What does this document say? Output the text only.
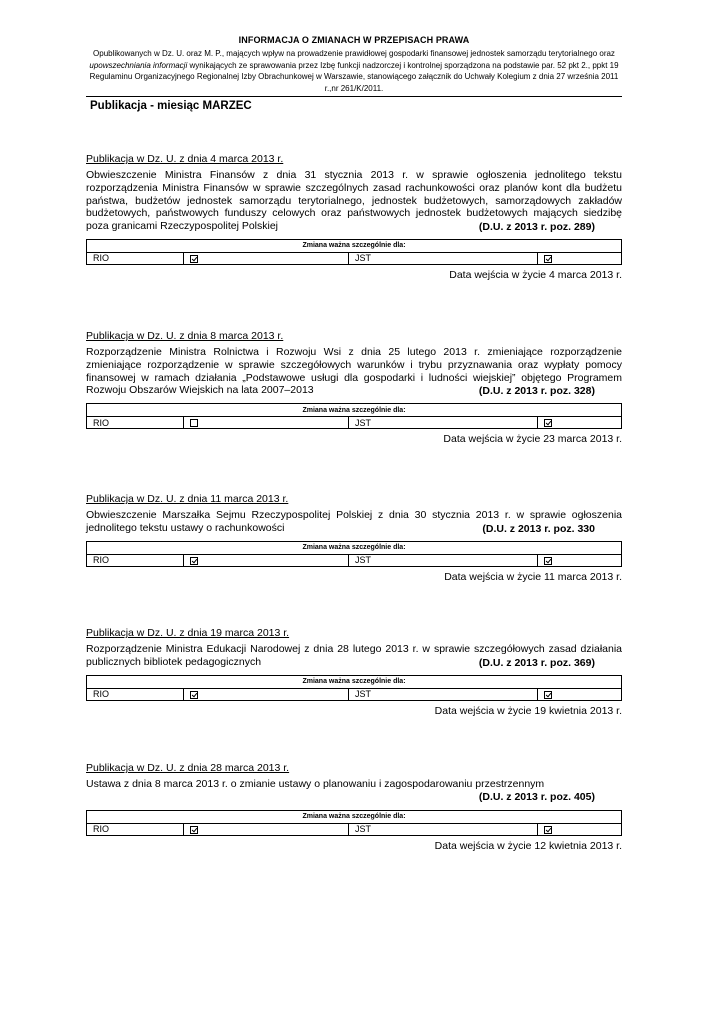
INFORMACJA O ZMIANACH W PRZEPISACH PRAWA
Opublikowanych w Dz. U. oraz M. P., mających wpływ na prowadzenie prawidłowej gospodarki finansowej jednostek samorządu terytorialnego oraz upowszechniania informacji wynikających ze sprawowania przez Izbę funkcji nadzorczej i kontrolnej sporządzona na podstawie par. 52 pkt 2., ppkt 19 Regulaminu Organizacyjnego Regionalnej Izby Obrachunkowej w Warszawie, stanowiącego załącznik do Uchwały Kolegium z dnia 27 września 2011 r.,nr 261/K/2011.
Publikacja - miesiąc MARZEC

Publikacja w Dz. U. z dnia 4 marca 2013 r.

Obwieszczenie Ministra Finansów z dnia 31 stycznia 2013 r. w sprawie ogłoszenia jednolitego tekstu rozporządzenia Ministra Finansów w sprawie szczególnych zasad rachunkowości oraz planów kont dla budżetu państwa, budżetów jednostek samorządu terytorialnego, jednostek budżetowych, samorządowych zakładów budżetowych, państwowych funduszy celowych oraz państwowych jednostek budżetowych mających siedzibę poza granicami Rzeczypospolitej Polskiej	(D.U. z 2013 r. poz. 289)
Zmiana ważna szczególnie dla:
RIO		JST	
Data wejścia w życie 4 marca 2013 r.

Publikacja w Dz. U. z dnia 8 marca 2013 r.

Rozporządzenie Ministra Rolnictwa i Rozwoju Wsi z dnia 25 lutego 2013 r. zmieniające rozporządzenie zmieniające rozporządzenie w sprawie szczegółowych warunków i trybu przyznawania oraz wypłaty pomocy finansowej w ramach działania „Podstawowe usługi dla gospodarki i ludności wiejskiej” objętego Programem Rozwoju Obszarów Wiejskich na lata 2007–2013	(D.U. z 2013 r. poz. 328)
Zmiana ważna szczególnie dla:
RIO		JST	
Data wejścia w życie 23 marca 2013 r.

Publikacja w Dz. U. z dnia 11 marca 2013 r.

Obwieszczenie Marszałka Sejmu Rzeczypospolitej Polskiej z dnia 30 stycznia 2013 r. w sprawie ogłoszenia jednolitego tekstu ustawy o rachunkowości	(D.U. z 2013 r. poz. 330
Zmiana ważna szczególnie dla:
RIO		JST	
Data wejścia w życie 11 marca 2013 r.

Publikacja w Dz. U. z dnia 19 marca 2013 r.

Rozporządzenie Ministra Edukacji Narodowej z dnia 28 lutego 2013 r. w sprawie szczegółowych zasad działania publicznych bibliotek pedagogicznych	(D.U. z 2013 r. poz. 369)
Zmiana ważna szczególnie dla:
RIO		JST	
Data wejścia w życie 19 kwietnia 2013 r.

Publikacja w Dz. U. z dnia 28 marca 2013 r.

Ustawa z dnia 8 marca 2013 r. o zmianie ustawy o planowaniu i zagospodarowaniu przestrzennym

(D.U. z 2013 r. poz. 405)
Zmiana ważna szczególnie dla:
RIO		JST	
Data wejścia w życie 12 kwietnia 2013 r.
